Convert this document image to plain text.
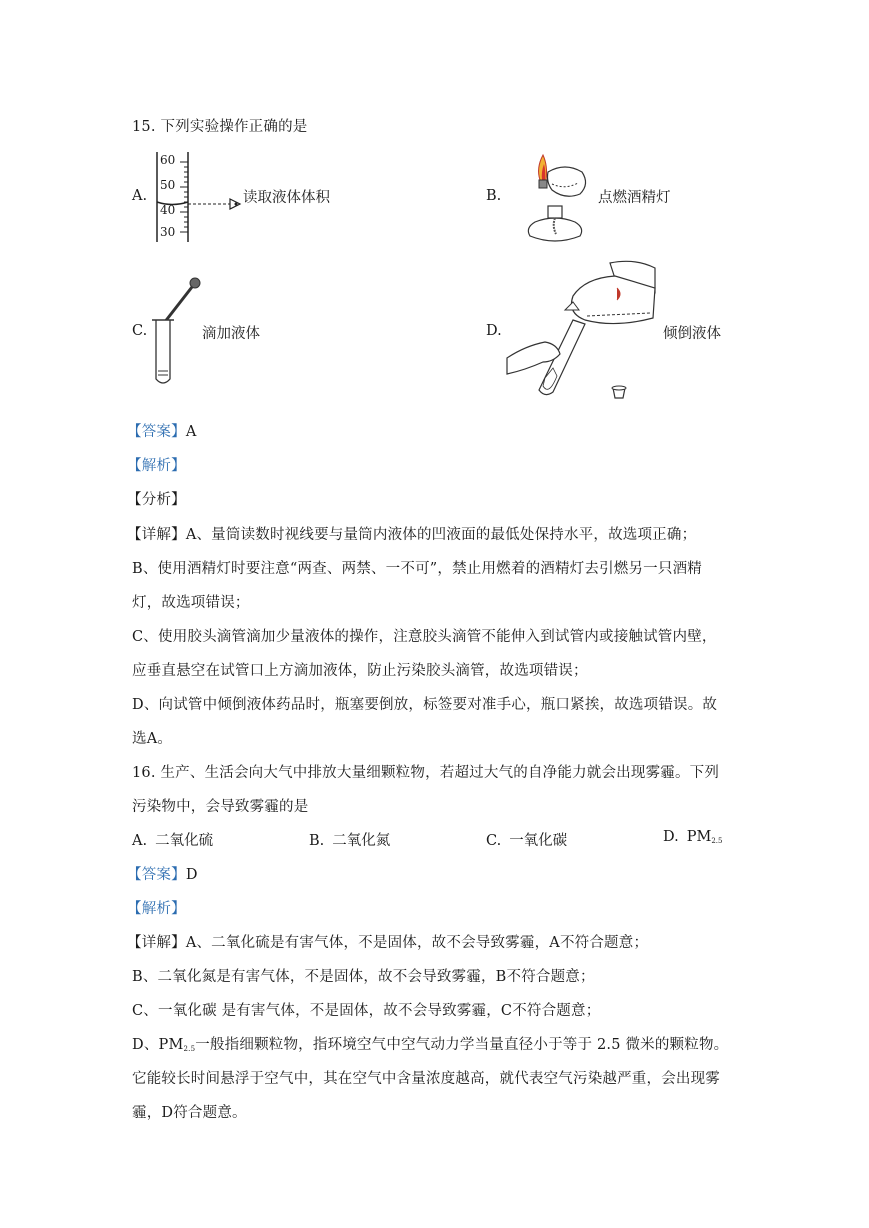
15. 下列实验操作正确的是
A.
60
50
40
30
读取液体体积	B.	点燃酒精灯
C.	滴加液体	D.	倾倒液体
【答案】A
【解析】
【分析】
【详解】A、量筒读数时视线要与量筒内液体的凹液面的最低处保持水平，故选项正确；
B、使用酒精灯时要注意“两查、两禁、一不可”，禁止用燃着的酒精灯去引燃另一只酒精
灯，故选项错误；
C、使用胶头滴管滴加少量液体的操作，注意胶头滴管不能伸入到试管内或接触试管内壁，
应垂直悬空在试管口上方滴加液体，防止污染胶头滴管，故选项错误；
D、向试管中倾倒液体药品时，瓶塞要倒放，标签要对准手心，瓶口紧挨，故选项错误。故
选A。
16. 生产、生活会向大气中排放大量细颗粒物，若超过大气的自净能力就会出现雾霾。下列
污染物中，会导致雾霾的是
A. 二氧化硫	B. 二氧化氮	C. 一氧化碳	D. $PM_{2.5}$
【答案】D
【解析】
【详解】A、二氧化硫是有害气体，不是固体，故不会导致雾霾，A不符合题意；
B、二氧化氮是有害气体，不是固体，故不会导致雾霾，B不符合题意；
C、一氧化碳 是有害气体，不是固体，故不会导致雾霾，C不符合题意；
D、$PM_{2.5}$一般指细颗粒物，指环境空气中空气动力学当量直径小于等于 2.5 微米的颗粒物。
它能较长时间悬浮于空气中，其在空气中含量浓度越高，就代表空气污染越严重，会出现雾
霾，D符合题意。
